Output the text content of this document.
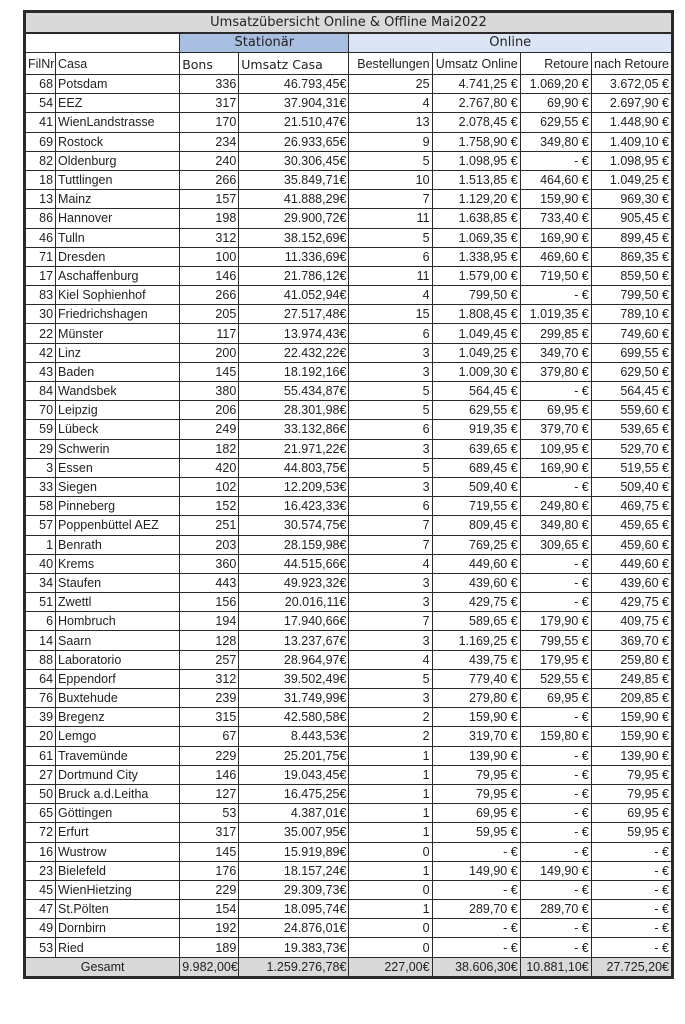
Umsatzübersicht Online & Offline Mai2022							
		Stationär		Online			
FilNr	Casa	Bons	Umsatz Casa	Bestellungen	Umsatz Online	Retoure	nach Retoure
68	Potsdam	336	46.793,45€	25	4.741,25 €	1.069,20 €	3.672,05 €
54	EEZ	317	37.904,31€	4	2.767,80 €	69,90 €	2.697,90 €
41	WienLandstrasse	170	21.510,47€	13	2.078,45 €	629,55 €	1.448,90 €
69	Rostock	234	26.933,65€	9	1.758,90 €	349,80 €	1.409,10 €
82	Oldenburg	240	30.306,45€	5	1.098,95 €	- €	1.098,95 €
18	Tuttlingen	266	35.849,71€	10	1.513,85 €	464,60 €	1.049,25 €
13	Mainz	157	41.888,29€	7	1.129,20 €	159,90 €	969,30 €
86	Hannover	198	29.900,72€	11	1.638,85 €	733,40 €	905,45 €
46	Tulln	312	38.152,69€	5	1.069,35 €	169,90 €	899,45 €
71	Dresden	100	11.336,69€	6	1.338,95 €	469,60 €	869,35 €
17	Aschaffenburg	146	21.786,12€	11	1.579,00 €	719,50 €	859,50 €
83	Kiel Sophienhof	266	41.052,94€	4	799,50 €	- €	799,50 €
30	Friedrichshagen	205	27.517,48€	15	1.808,45 €	1.019,35 €	789,10 €
22	Münster	117	13.974,43€	6	1.049,45 €	299,85 €	749,60 €
42	Linz	200	22.432,22€	3	1.049,25 €	349,70 €	699,55 €
43	Baden	145	18.192,16€	3	1.009,30 €	379,80 €	629,50 €
84	Wandsbek	380	55.434,87€	5	564,45 €	- €	564,45 €
70	Leipzig	206	28.301,98€	5	629,55 €	69,95 €	559,60 €
59	Lübeck	249	33.132,86€	6	919,35 €	379,70 €	539,65 €
29	Schwerin	182	21.971,22€	3	639,65 €	109,95 €	529,70 €
3	Essen	420	44.803,75€	5	689,45 €	169,90 €	519,55 €
33	Siegen	102	12.209,53€	3	509,40 €	- €	509,40 €
58	Pinneberg	152	16.423,33€	6	719,55 €	249,80 €	469,75 €
57	Poppenbüttel AEZ	251	30.574,75€	7	809,45 €	349,80 €	459,65 €
1	Benrath	203	28.159,98€	7	769,25 €	309,65 €	459,60 €
40	Krems	360	44.515,66€	4	449,60 €	- €	449,60 €
34	Staufen	443	49.923,32€	3	439,60 €	- €	439,60 €
51	Zwettl	156	20.016,11€	3	429,75 €	- €	429,75 €
6	Hombruch	194	17.940,66€	7	589,65 €	179,90 €	409,75 €
14	Saarn	128	13.237,67€	3	1.169,25 €	799,55 €	369,70 €
88	Laboratorio	257	28.964,97€	4	439,75 €	179,95 €	259,80 €
64	Eppendorf	312	39.502,49€	5	779,40 €	529,55 €	249,85 €
76	Buxtehude	239	31.749,99€	3	279,80 €	69,95 €	209,85 €
39	Bregenz	315	42.580,58€	2	159,90 €	- €	159,90 €
20	Lemgo	67	8.443,53€	2	319,70 €	159,80 €	159,90 €
61	Travemünde	229	25.201,75€	1	139,90 €	- €	139,90 €
27	Dortmund City	146	19.043,45€	1	79,95 €	- €	79,95 €
50	Bruck a.d.Leitha	127	16.475,25€	1	79,95 €	- €	79,95 €
65	Göttingen	53	4.387,01€	1	69,95 €	- €	69,95 €
72	Erfurt	317	35.007,95€	1	59,95 €	- €	59,95 €
16	Wustrow	145	15.919,89€	0	- €	- €	- €
23	Bielefeld	176	18.157,24€	1	149,90 €	149,90 €	- €
45	WienHietzing	229	29.309,73€	0	- €	- €	- €
47	St.Pölten	154	18.095,74€	1	289,70 €	289,70 €	- €
49	Dornbirn	192	24.876,01€	0	- €	- €	- €
53	Ried	189	19.383,73€	0	- €	- €	- €
Gesamt		9.982,00€	1.259.276,78€	227,00€	38.606,30€	10.881,10€	27.725,20€
